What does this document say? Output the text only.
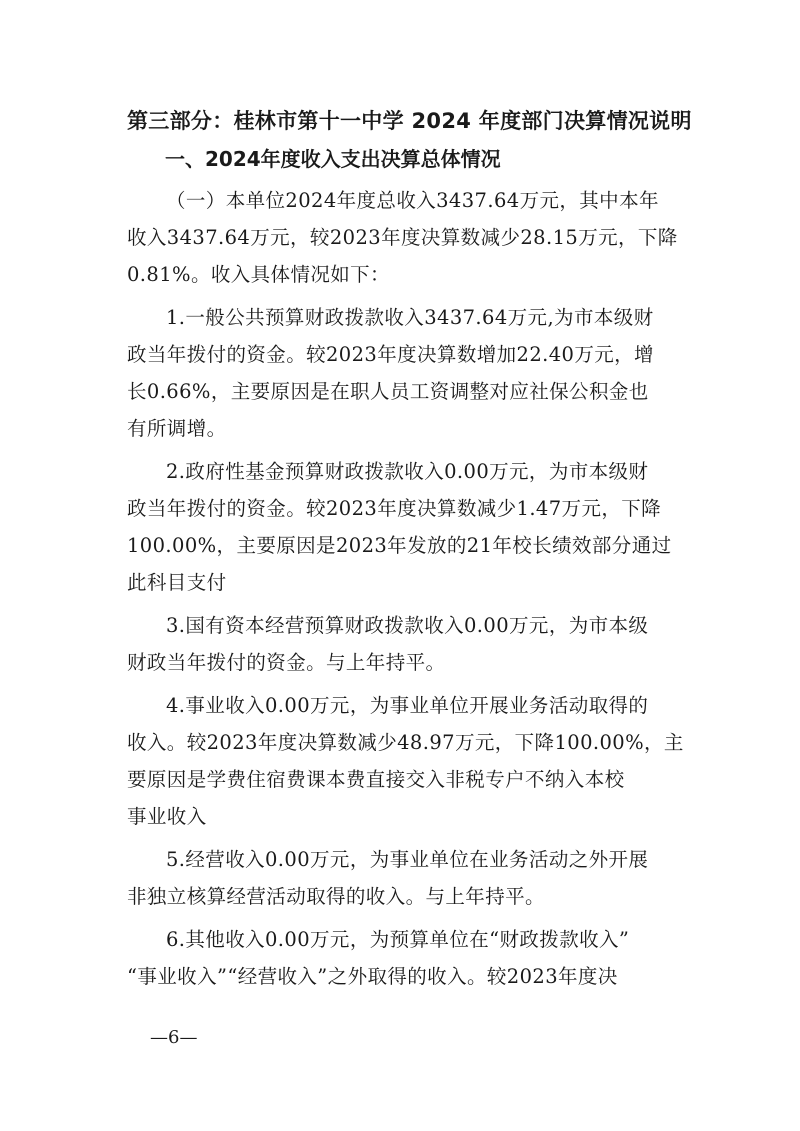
第三部分：桂林市第十一中学 2024 年度部门决算情况说明
一、2024年度收入支出决算总体情况
（一）本单位2024年度总收入3437.64万元，其中本年
收入3437.64万元，较2023年度决算数减少28.15万元，下降
0.81%。收入具体情况如下：
1.一般公共预算财政拨款收入3437.64万元,为市本级财
政当年拨付的资金。较2023年度决算数增加22.40万元，增
长0.66%，主要原因是在职人员工资调整对应社保公积金也
有所调增。
2.政府性基金预算财政拨款收入0.00万元，为市本级财
政当年拨付的资金。较2023年度决算数减少1.47万元，下降
100.00%，主要原因是2023年发放的21年校长绩效部分通过
此科目支付
3.国有资本经营预算财政拨款收入0.00万元，为市本级
财政当年拨付的资金。与上年持平。
4.事业收入0.00万元，为事业单位开展业务活动取得的
收入。较2023年度决算数减少48.97万元，下降100.00%，主
要原因是学费住宿费课本费直接交入非税专户不纳入本校
事业收入
5.经营收入0.00万元，为事业单位在业务活动之外开展
非独立核算经营活动取得的收入。与上年持平。
6.其他收入0.00万元，为预算单位在“财政拨款收入”
“事业收入”“经营收入”之外取得的收入。较2023年度决
—6—
